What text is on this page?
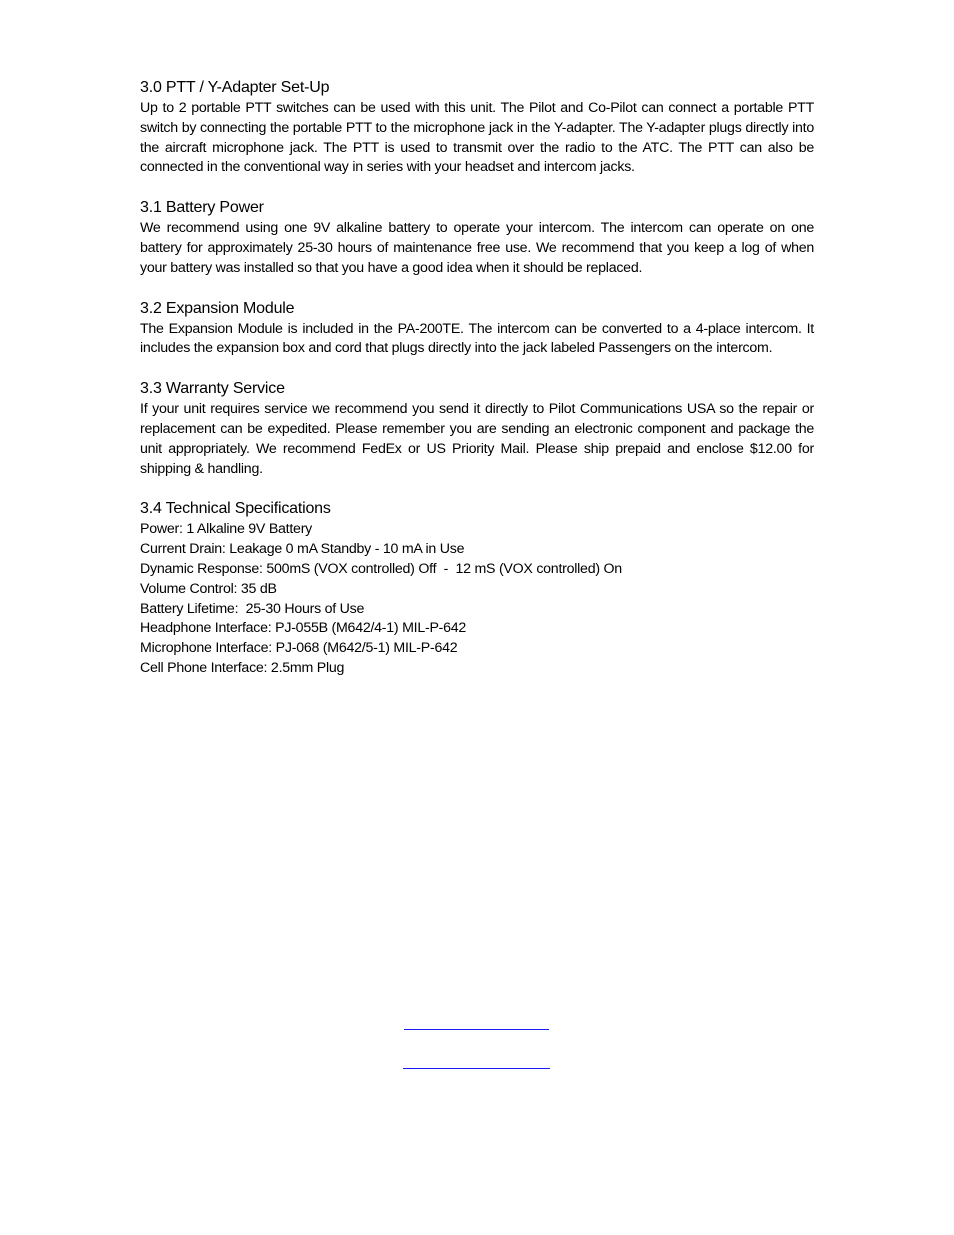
3.0 PTT / Y-Adapter Set-Up

Up to 2 portable PTT switches can be used with this unit. The Pilot and Co-Pilot can connect a portable PTT switch by connecting the portable PTT to the microphone jack in the Y-adapter. The Y-adapter plugs directly into the aircraft microphone jack. The PTT is used to transmit over the radio to the ATC. The PTT can also be connected in the conventional way in series with your headset and intercom jacks.

3.1 Battery Power

We recommend using one 9V alkaline battery to operate your intercom. The intercom can operate on one battery for approximately 25-30 hours of maintenance free use. We recommend that you keep a log of when your battery was installed so that you have a good idea when it should be replaced.

3.2 Expansion Module

The Expansion Module is included in the PA-200TE. The intercom can be converted to a 4-place intercom. It includes the expansion box and cord that plugs directly into the jack labeled Passengers on the intercom.

3.3 Warranty Service

If your unit requires service we recommend you send it directly to Pilot Communications USA so the repair or replacement can be expedited. Please remember you are sending an electronic component and package the unit appropriately. We recommend FedEx or US Priority Mail. Please ship prepaid and enclose $12.00 for shipping & handling.

3.4 Technical Specifications
Power: 1 Alkaline 9V Battery
Current Drain: Leakage 0 mA Standby - 10 mA in Use
Dynamic Response: 500mS (VOX controlled) Off  -  12 mS (VOX controlled) On
Volume Control: 35 dB
Battery Lifetime:  25-30 Hours of Use
Headphone Interface: PJ-055B (M642/4-1) MIL-P-642
Microphone Interface: PJ-068 (M642/5-1) MIL-P-642
Cell Phone Interface: 2.5mm Plug
